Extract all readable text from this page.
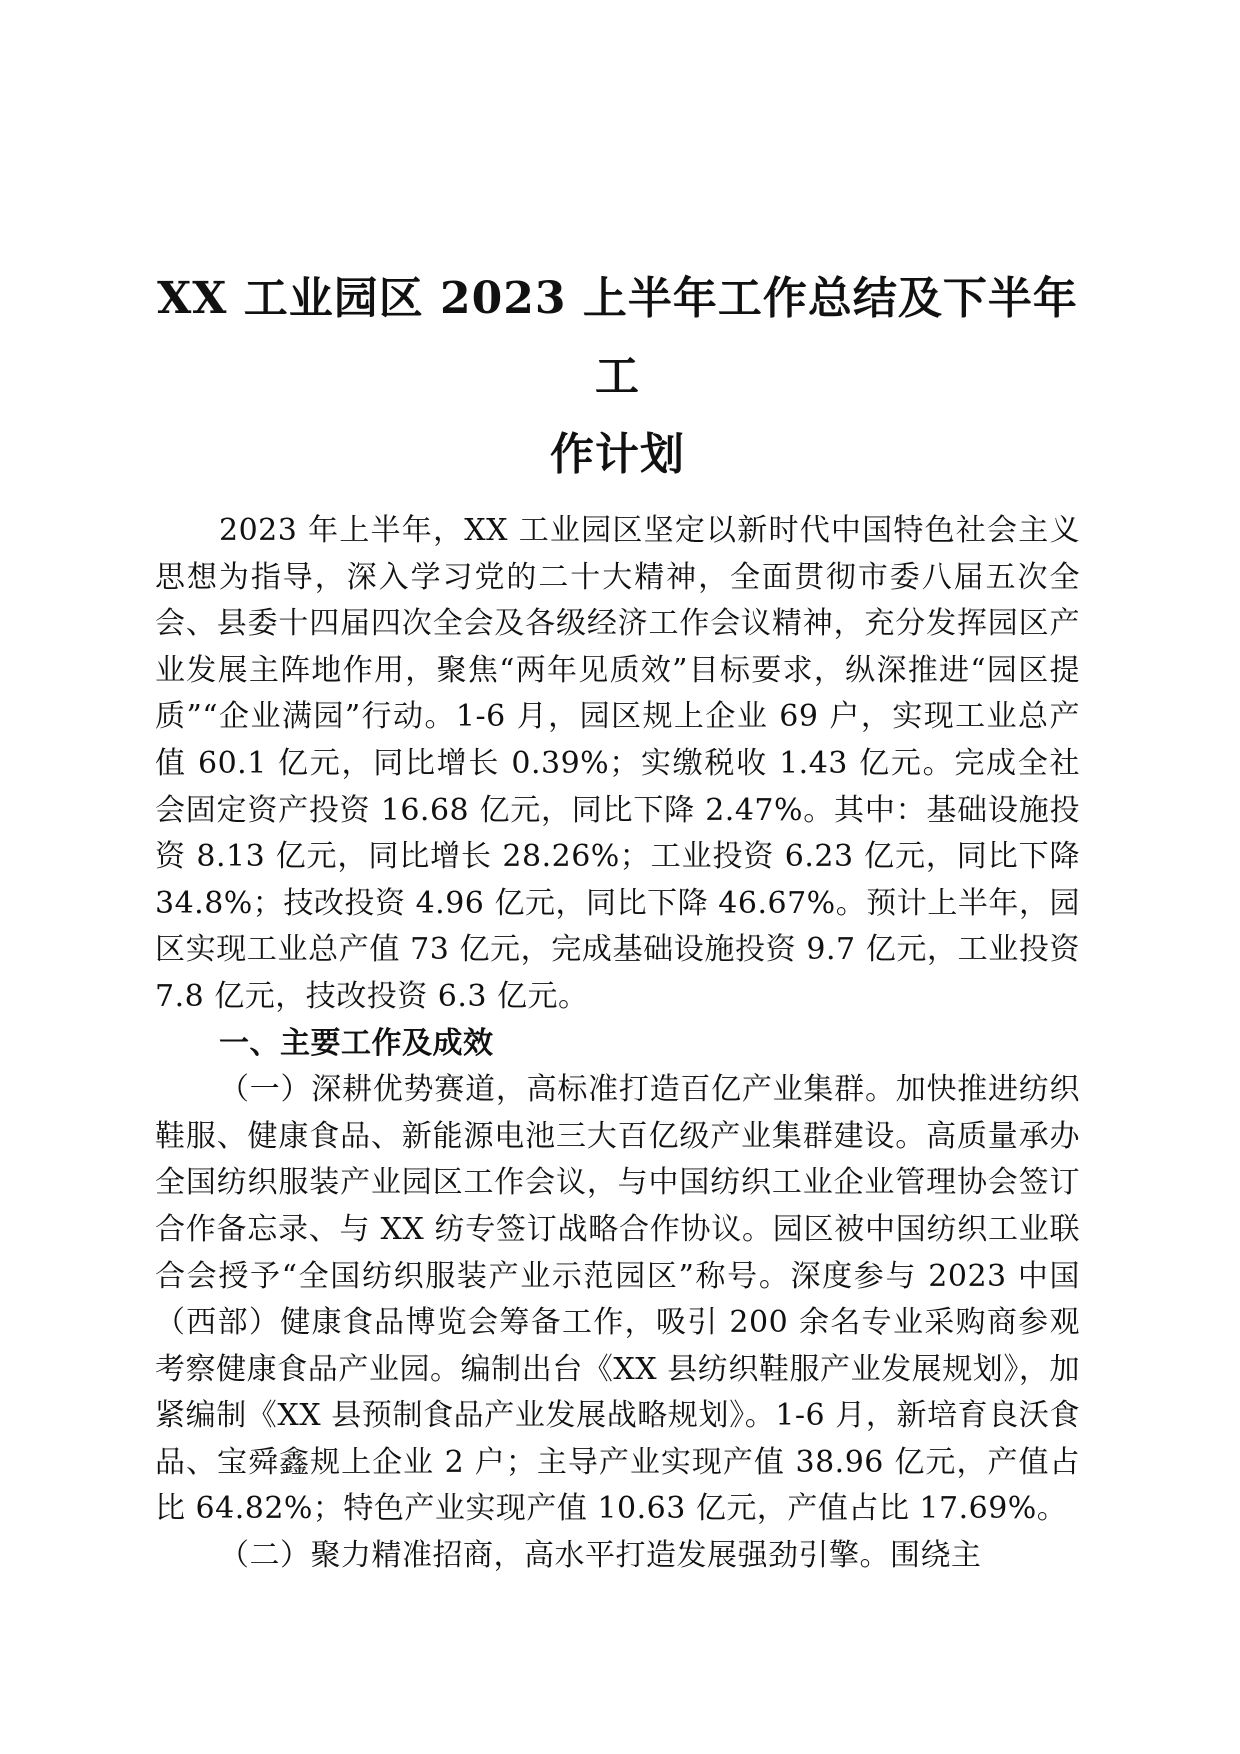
XX 工业园区 2023 上半年工作总结及下半年工
作计划

2023 年上半年，XX 工业园区坚定以新时代中国特色社会主义思想为指导，深入学习党的二十大精神，全面贯彻市委八届五次全会、县委十四届四次全会及各级经济工作会议精神，充分发挥园区产业发展主阵地作用，聚焦“两年见质效”目标要求，纵深推进“园区提质”“企业满园”行动。1-6 月，园区规上企业 69 户，实现工业总产值 60.1 亿元，同比增长 0.39%；实缴税收 1.43 亿元。完成全社会固定资产投资 16.68 亿元，同比下降 2.47%。其中：基础设施投资 8.13 亿元，同比增长 28.26%；工业投资 6.23 亿元，同比下降 34.8%；技改投资 4.96 亿元，同比下降 46.67%。预计上半年，园区实现工业总产值 73 亿元，完成基础设施投资 9.7 亿元，工业投资 7.8 亿元，技改投资 6.3 亿元。

一、主要工作及成效

（一）深耕优势赛道，高标准打造百亿产业集群。加快推进纺织鞋服、健康食品、新能源电池三大百亿级产业集群建设。高质量承办全国纺织服装产业园区工作会议，与中国纺织工业企业管理协会签订合作备忘录、与 XX 纺专签订战略合作协议。园区被中国纺织工业联合会授予“全国纺织服装产业示范园区”称号。深度参与 2023 中国（西部）健康食品博览会筹备工作，吸引 200 余名专业采购商参观考察健康食品产业园。编制出台《XX 县纺织鞋服产业发展规划》，加紧编制《XX 县预制食品产业发展战略规划》。1-6 月，新培育良沃食品、宝舜鑫规上企业 2 户；主导产业实现产值 38.96 亿元，产值占比 64.82%；特色产业实现产值 10.63 亿元，产值占比 17.69%。

（二）聚力精准招商，高水平打造发展强劲引擎。围绕主
